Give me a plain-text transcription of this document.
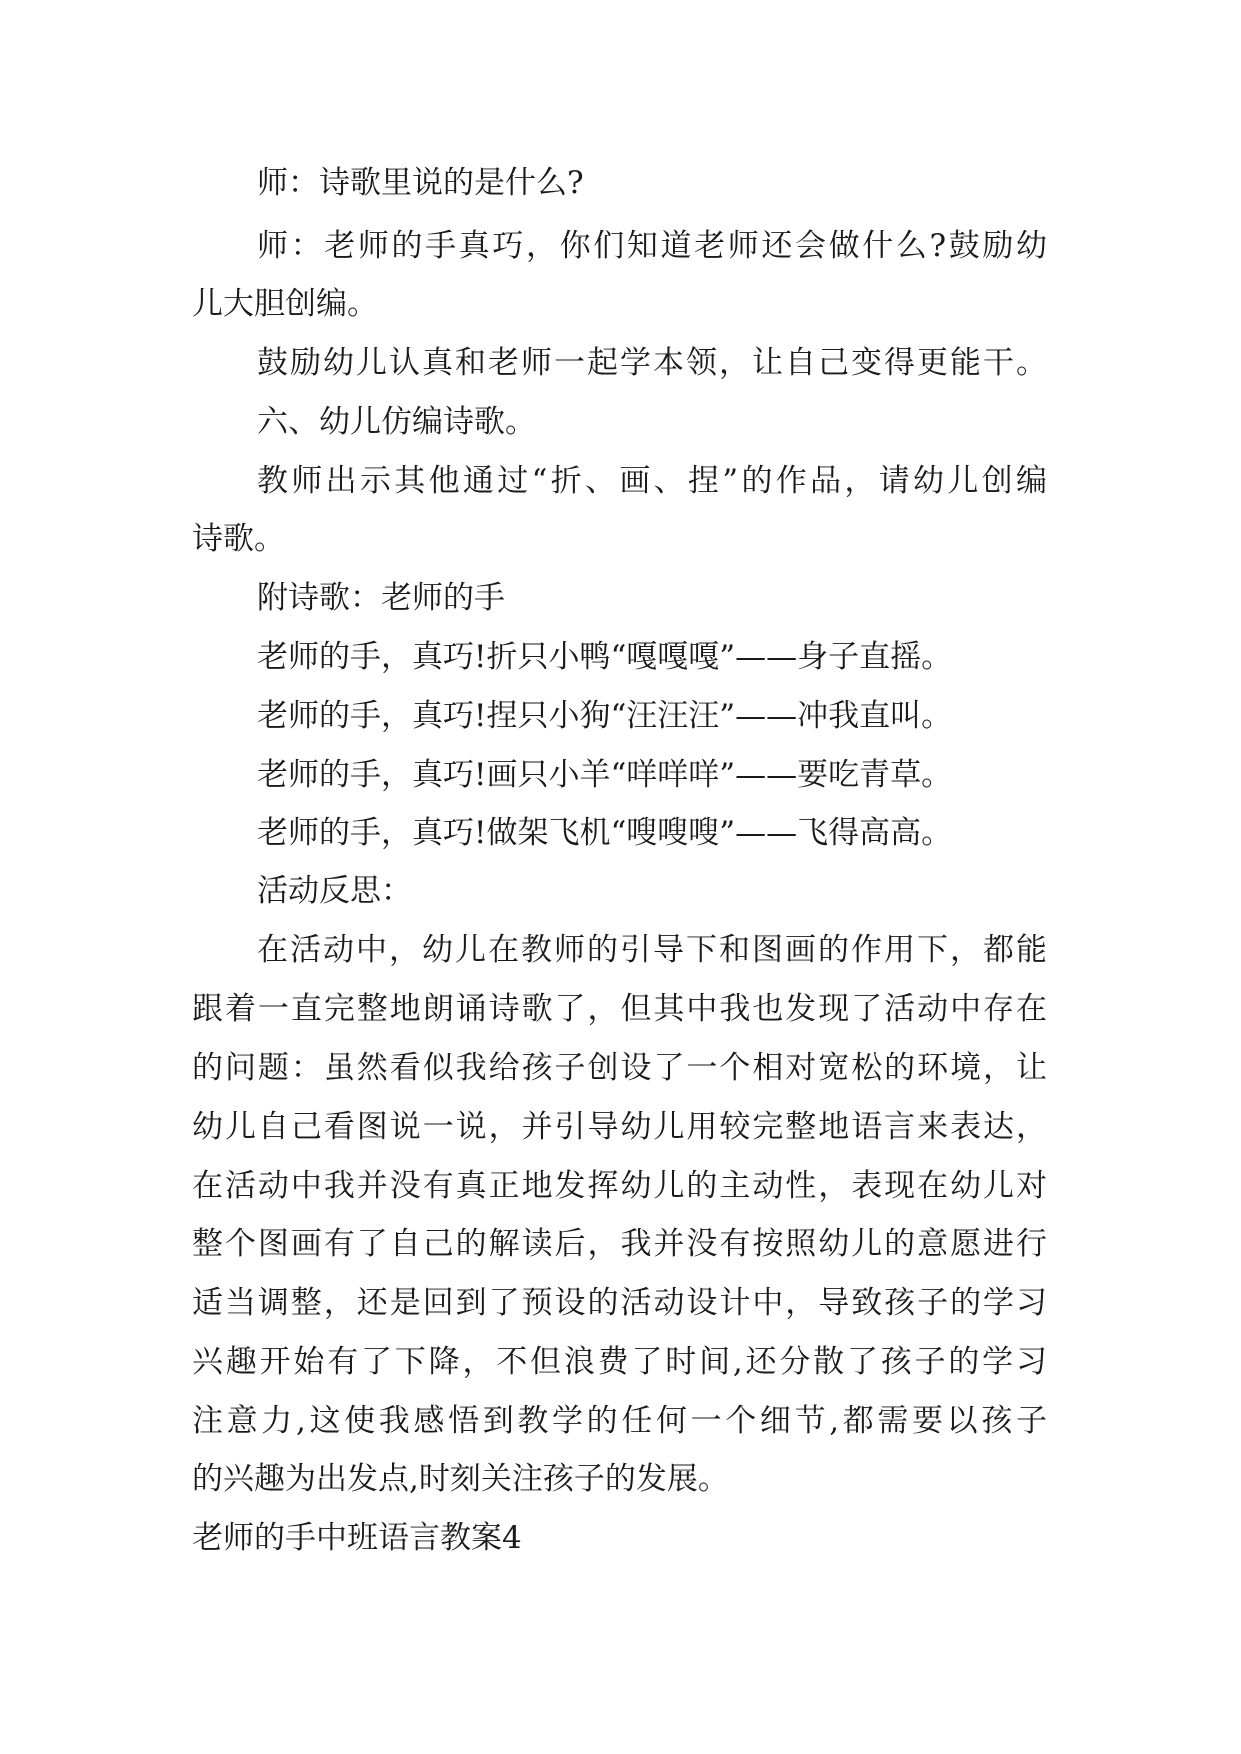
师：诗歌里说的是什么?

师：老师的手真巧，你们知道老师还会做什么?鼓励幼

儿大胆创编。

鼓励幼儿认真和老师一起学本领，让自己变得更能干。

六、幼儿仿编诗歌。

教师出示其他通过“折、画、捏”的作品，请幼儿创编

诗歌。

附诗歌：老师的手

老师的手，真巧!折只小鸭“嘎嘎嘎”——身子直摇。

老师的手，真巧!捏只小狗“汪汪汪”——冲我直叫。

老师的手，真巧!画只小羊“咩咩咩”——要吃青草。

老师的手，真巧!做架飞机“嗖嗖嗖”——飞得高高。

活动反思：

在活动中，幼儿在教师的引导下和图画的作用下，都能

跟着一直完整地朗诵诗歌了，但其中我也发现了活动中存在

的问题：虽然看似我给孩子创设了一个相对宽松的环境，让

幼儿自己看图说一说，并引导幼儿用较完整地语言来表达，

在活动中我并没有真正地发挥幼儿的主动性，表现在幼儿对

整个图画有了自己的解读后，我并没有按照幼儿的意愿进行

适当调整，还是回到了预设的活动设计中，导致孩子的学习

兴趣开始有了下降，不但浪费了时间,还分散了孩子的学习

注意力,这使我感悟到教学的任何一个细节,都需要以孩子

的兴趣为出发点,时刻关注孩子的发展。

老师的手中班语言教案4
